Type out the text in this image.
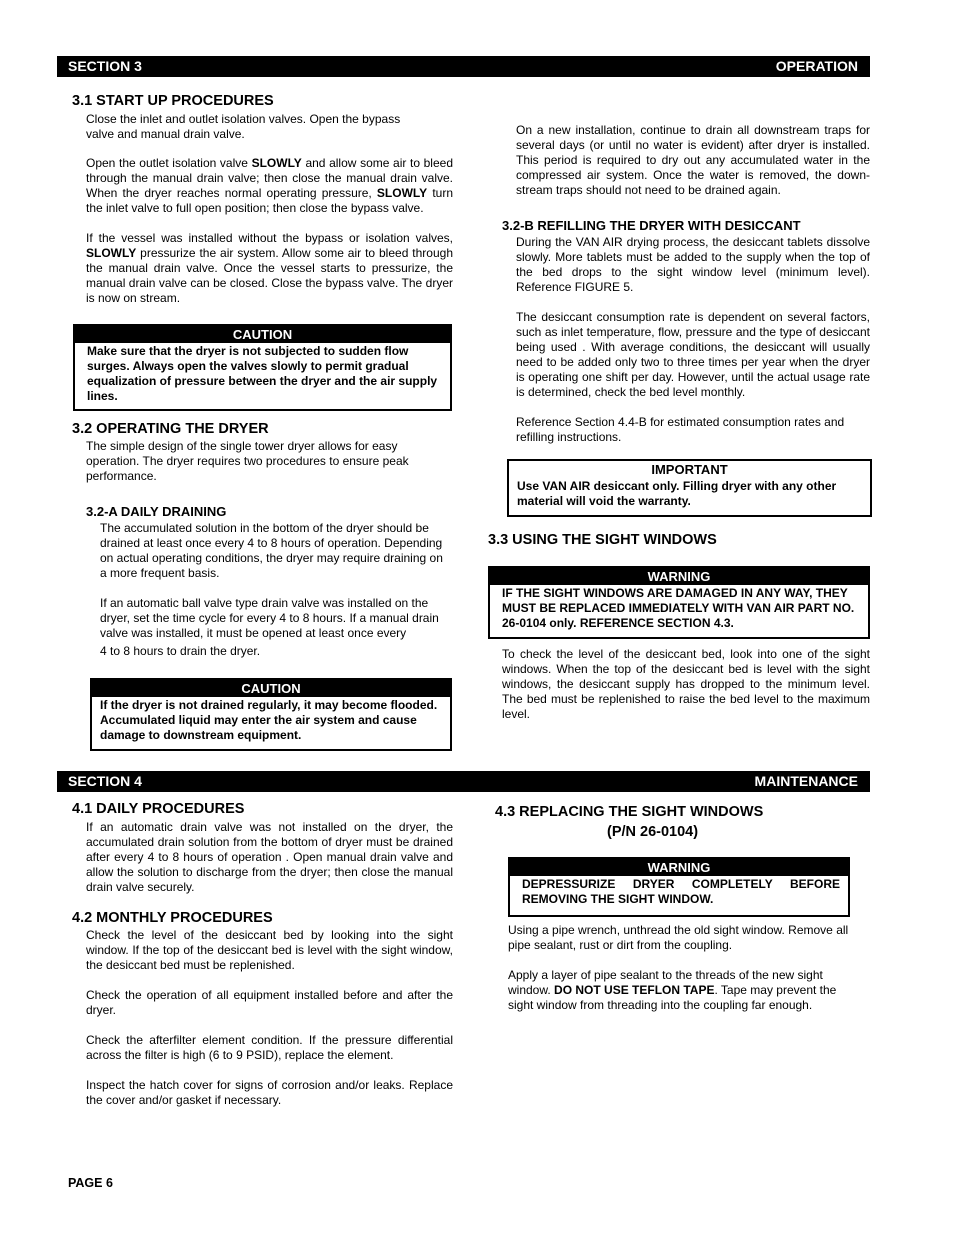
SECTION 3	OPERATION
3.1 START UP PROCEDURES

Close the inlet and outlet isolation valves. Open the bypass valve and manual drain valve.

Open the outlet isolation valve SLOWLY and allow some air to bleed through the manual drain valve; then close the manual drain valve. When the dryer reaches normal operating pressure, SLOWLY turn the inlet valve to full open position; then close the bypass valve.

If the vessel was installed without the bypass or isolation valves, SLOWLY pressurize the air system. Allow some air to bleed through the manual drain valve. Once the vessel starts to pressurize, the manual drain valve can be closed. Close the bypass valve. The dryer is now on stream.

CAUTION
Make sure that the dryer is not subjected to sudden flow surges. Always open the valves slowly to permit gradual equalization of pressure between the dryer and the air supply lines.
3.2 OPERATING THE DRYER

The simple design of the single tower dryer allows for easy operation. The dryer requires two procedures to ensure peak performance.

3.2-A DAILY DRAINING

The accumulated solution in the bottom of the dryer should be drained at least once every 4 to 8 hours of operation. Depending on actual operating conditions, the dryer may require draining on a more frequent basis.

If an automatic ball valve type drain valve was installed on the dryer, set the time cycle for every 4 to 8 hours. If a manual drain valve was installed, it must be opened at least once every

4 to 8 hours to drain the dryer.

CAUTION
If the dryer is not drained regularly, it may become flooded. Accumulated liquid may enter the air system and cause damage to downstream equipment.

On a new installation, continue to drain all downstream traps for several days (or until no water is evident) after dryer is installed. This period is required to dry out any accumulated water in the compressed air system. Once the water is removed, the down-stream traps should not need to be drained again.

3.2-B REFILLING THE DRYER WITH DESICCANT

During the VAN AIR drying process, the desiccant tablets dissolve slowly. More tablets must be added to the supply when the top of the bed drops to the sight window level (minimum level). Reference FIGURE 5.

The desiccant consumption rate is dependent on several factors, such as inlet temperature, flow, pressure and the type of desiccant being used . With average conditions, the desiccant will usually need to be added only two to three times per year when the dryer is operating one shift per day. However, until the actual usage rate is determined, check the bed level monthly.

Reference Section 4.4-B for estimated consumption rates and refilling instructions.

IMPORTANT
Use VAN AIR desiccant only. Filling dryer with any other material will void the warranty.
3.3 USING THE SIGHT WINDOWS
WARNING
IF THE SIGHT WINDOWS ARE DAMAGED IN ANY WAY, THEY MUST BE REPLACED IMMEDIATELY WITH VAN AIR PART NO. 26-0104 only. REFERENCE SECTION 4.3.

To check the level of the desiccant bed, look into one of the sight windows. When the top of the desiccant bed is level with the sight windows, the desiccant supply has dropped to the minimum level. The bed must be replenished to raise the bed level to the maximum level.

SECTION 4	MAINTENANCE
4.1 DAILY PROCEDURES

If an automatic drain valve was not installed on the dryer, the accumulated drain solution from the bottom of dryer must be drained after every 4 to 8 hours of operation . Open manual drain valve and allow the solution to discharge from the dryer; then close the manual drain valve securely.

4.2 MONTHLY PROCEDURES

Check the level of the desiccant bed by looking into the sight window. If the top of the desiccant bed is level with the sight window, the desiccant bed must be replenished.

Check the operation of all equipment installed before and after the dryer.

Check the afterfilter element condition. If the pressure differential across the filter is high (6 to 9 PSID), replace the element.

Inspect the hatch cover for signs of corrosion and/or leaks. Replace the cover and/or gasket if necessary.

4.3 REPLACING THE SIGHT WINDOWS
(P/N 26-0104)
WARNING
DEPRESSURIZE DRYER COMPLETELY BEFORE REMOVING THE SIGHT WINDOW.

Using a pipe wrench, unthread the old sight window. Remove all pipe sealant, rust or dirt from the coupling.

Apply a layer of pipe sealant to the threads of the new sight window. DO NOT USE TEFLON TAPE. Tape may prevent the sight window from threading into the coupling far enough.

PAGE 6
